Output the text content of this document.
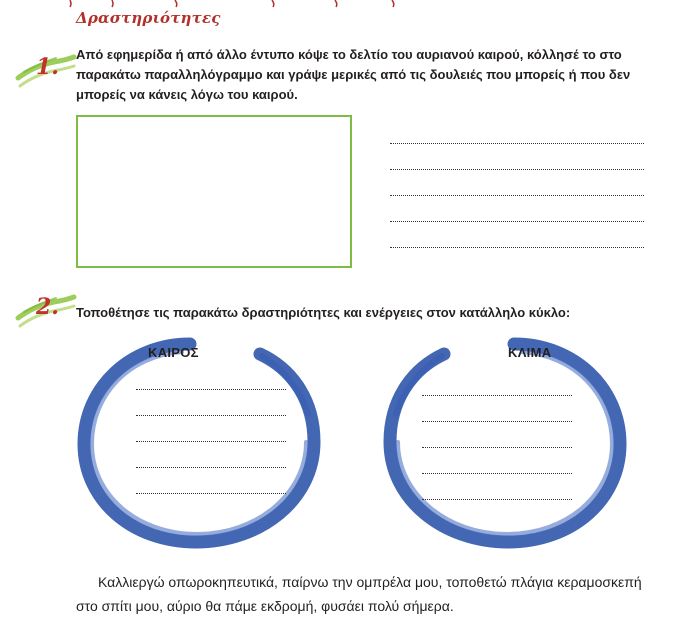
Δραστηριότητες
1. Από εφημερίδα ή από άλλο έντυπο κόψε το δελτίο του αυριανού καιρού, κόλλησέ το στο παρακάτω παραλληλόγραμμο και γράψε μερικές από τις δουλειές που μπορείς ή που δεν μπορείς να κάνεις λόγω του καιρού.
2. Τοποθέτησε τις παρακάτω δραστηριότητες και ενέργειες στον κατάλληλο κύκλο:
ΚΑΙΡΟΣ	ΚΛΙΜΑ
Καλλιεργώ οπωροκηπευτικά, παίρνω την ομπρέλα μου, τοποθετώ πλάγια κεραμοσκεπή στο σπίτι μου, αύριο θα πάμε εκδρομή, φυσάει πολύ σήμερα.
